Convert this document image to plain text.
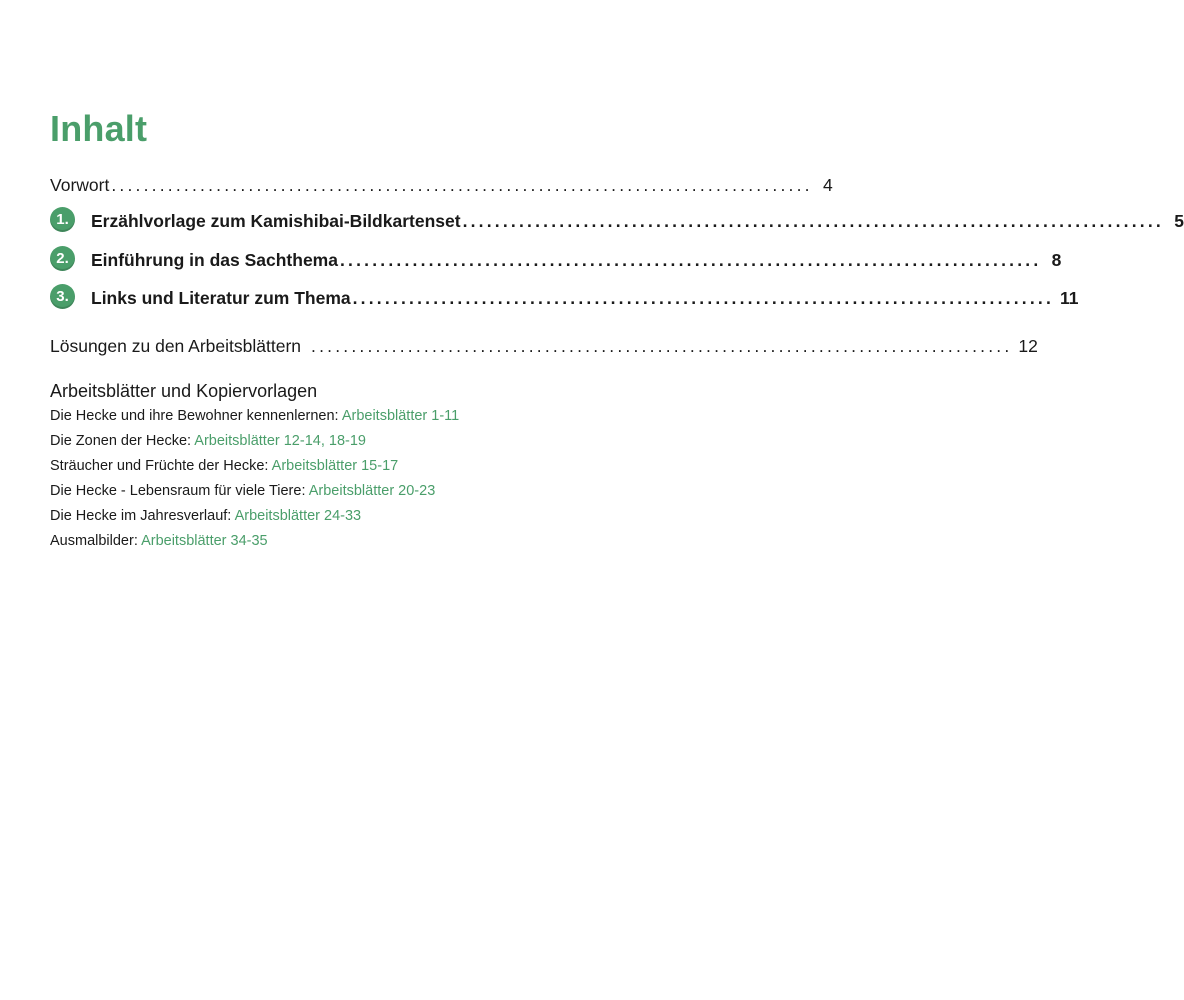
Inhalt
Vorwort ....................................................................................... 4
1.	Erzählvorlage zum Kamishibai-Bildkartenset ....................................................................................... 5
2.	Einführung in das Sachthema ....................................................................................... 8
3.	Links und Literatur zum Thema ....................................................................................... 11
Lösungen zu den Arbeitsblättern ....................................................................................... 12
Arbeitsblätter und Kopiervorlagen
Die Hecke und ihre Bewohner kennenlernen: Arbeitsblätter 1-11
Die Zonen der Hecke: Arbeitsblätter 12-14, 18-19
Sträucher und Früchte der Hecke: Arbeitsblätter 15-17
Die Hecke - Lebensraum für viele Tiere: Arbeitsblätter 20-23
Die Hecke im Jahresverlauf: Arbeitsblätter 24-33
Ausmalbilder: Arbeitsblätter 34-35
